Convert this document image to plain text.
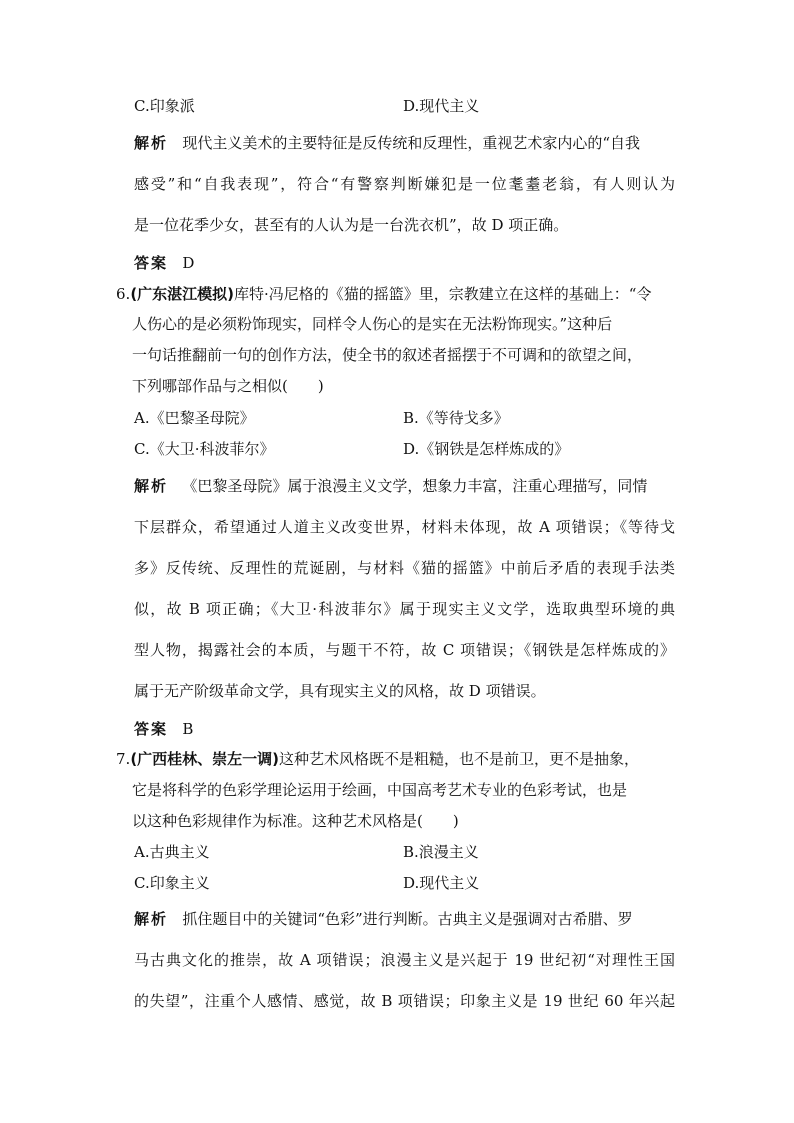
C.印象派	D.现代主义
解析 现代主义美术的主要特征是反传统和反理性，重视艺术家内心的“自我
感受”和“自我表现”，符合“有警察判断嫌犯是一位耄耋老翁，有人则认为
是一位花季少女，甚至有的人认为是一台洗衣机”，故 D 项正确。
答案 D
6.(广东湛江模拟)库特·冯尼格的《猫的摇篮》里，宗教建立在这样的基础上：“令
人伤心的是必须粉饰现实，同样令人伤心的是实在无法粉饰现实。”这种后
一句话推翻前一句的创作方法，使全书的叙述者摇摆于不可调和的欲望之间，
下列哪部作品与之相似(　　)
A.《巴黎圣母院》	B.《等待戈多》
C.《大卫·科波菲尔》	D.《钢铁是怎样炼成的》
解析 《巴黎圣母院》属于浪漫主义文学，想象力丰富，注重心理描写，同情
下层群众，希望通过人道主义改变世界，材料未体现，故 A 项错误；《等待戈
多》反传统、反理性的荒诞剧，与材料《猫的摇篮》中前后矛盾的表现手法类
似，故 B 项正确；《大卫·科波菲尔》属于现实主义文学，选取典型环境的典
型人物，揭露社会的本质，与题干不符，故 C 项错误；《钢铁是怎样炼成的》
属于无产阶级革命文学，具有现实主义的风格，故 D 项错误。
答案 B
7.(广西桂林、崇左一调)这种艺术风格既不是粗糙，也不是前卫，更不是抽象，
它是将科学的色彩学理论运用于绘画，中国高考艺术专业的色彩考试，也是
以这种色彩规律作为标准。这种艺术风格是(　　)
A.古典主义	B.浪漫主义
C.印象主义	D.现代主义
解析 抓住题目中的关键词“色彩”进行判断。古典主义是强调对古希腊、罗
马古典文化的推崇，故 A 项错误；浪漫主义是兴起于 19 世纪初“对理性王国
的失望”，注重个人感情、感觉，故 B 项错误；印象主义是 19 世纪 60 年兴起
